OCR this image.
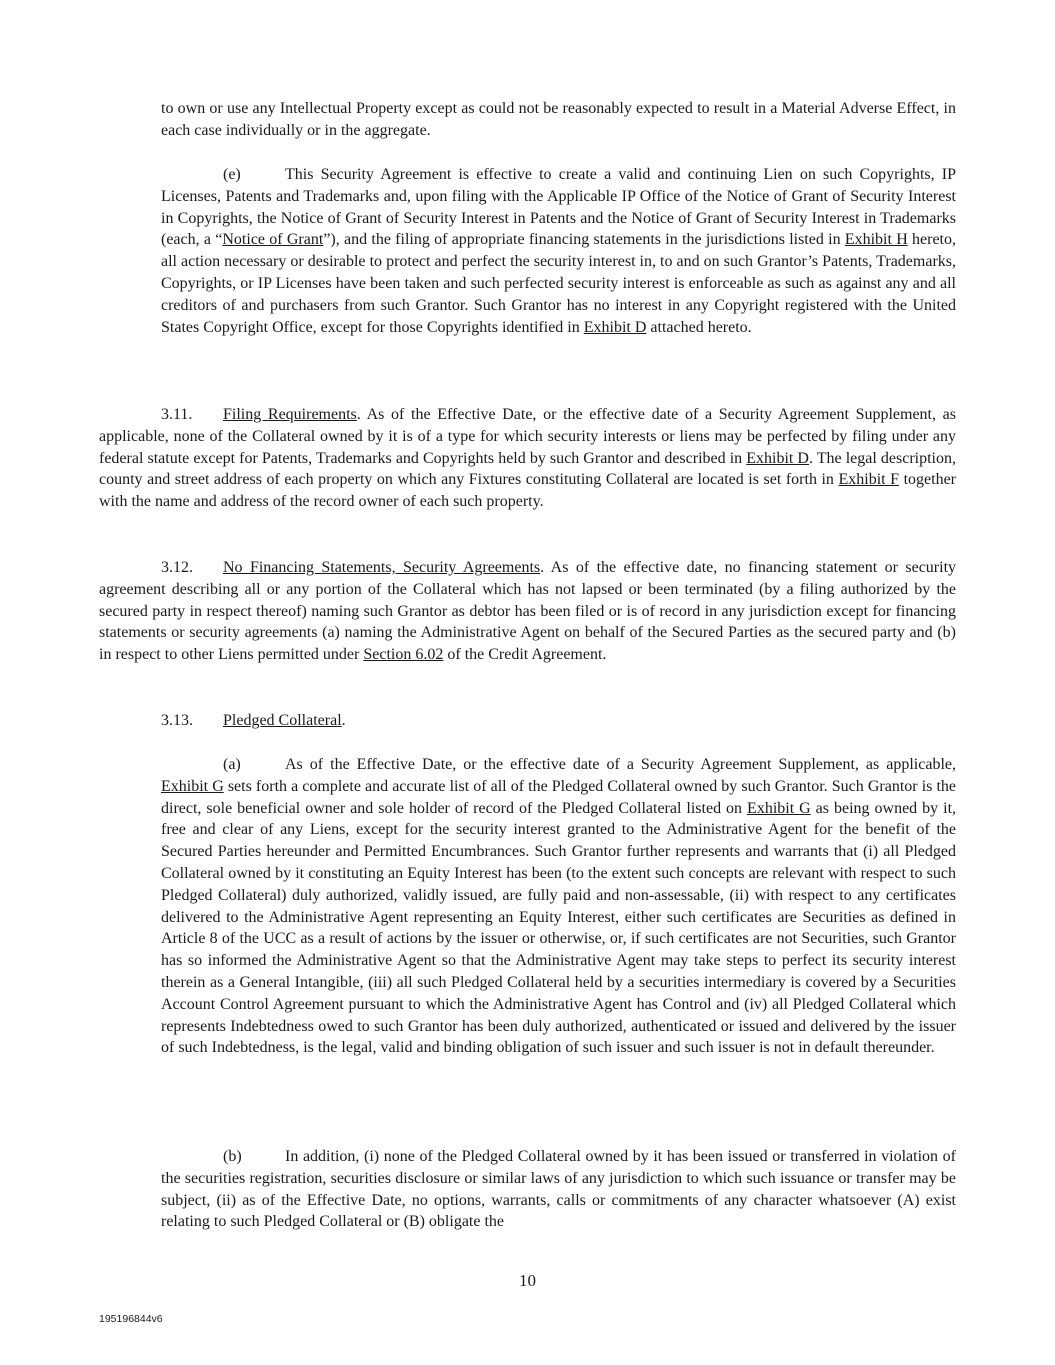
to own or use any Intellectual Property except as could not be reasonably expected to result in a Material Adverse Effect, in each case individually or in the aggregate.

(e)	This Security Agreement is effective to create a valid and continuing Lien on such Copyrights, IP Licenses, Patents and Trademarks and, upon filing with the Applicable IP Office of the Notice of Grant of Security Interest in Copyrights, the Notice of Grant of Security Interest in Patents and the Notice of Grant of Security Interest in Trademarks (each, a “Notice of Grant”), and the filing of appropriate financing statements in the jurisdictions listed in Exhibit H hereto, all action necessary or desirable to protect and perfect the security interest in, to and on such Grantor’s Patents, Trademarks, Copyrights, or IP Licenses have been taken and such perfected security interest is enforceable as such as against any and all creditors of and purchasers from such Grantor. Such Grantor has no interest in any Copyright registered with the United States Copyright Office, except for those Copyrights identified in Exhibit D attached hereto.

3.11. Filing Requirements. As of the Effective Date, or the effective date of a Security Agreement Supplement, as applicable, none of the Collateral owned by it is of a type for which security interests or liens may be perfected by filing under any federal statute except for Patents, Trademarks and Copyrights held by such Grantor and described in Exhibit D. The legal description, county and street address of each property on which any Fixtures constituting Collateral are located is set forth in Exhibit F together with the name and address of the record owner of each such property.

3.12. No Financing Statements, Security Agreements. As of the effective date, no financing statement or security agreement describing all or any portion of the Collateral which has not lapsed or been terminated (by a filing authorized by the secured party in respect thereof) naming such Grantor as debtor has been filed or is of record in any jurisdiction except for financing statements or security agreements (a) naming the Administrative Agent on behalf of the Secured Parties as the secured party and (b) in respect to other Liens permitted under Section 6.02 of the Credit Agreement.

3.13. Pledged Collateral.

(a)	As of the Effective Date, or the effective date of a Security Agreement Supplement, as applicable, Exhibit G sets forth a complete and accurate list of all of the Pledged Collateral owned by such Grantor. Such Grantor is the direct, sole beneficial owner and sole holder of record of the Pledged Collateral listed on Exhibit G as being owned by it, free and clear of any Liens, except for the security interest granted to the Administrative Agent for the benefit of the Secured Parties hereunder and Permitted Encumbrances. Such Grantor further represents and warrants that (i) all Pledged Collateral owned by it constituting an Equity Interest has been (to the extent such concepts are relevant with respect to such Pledged Collateral) duly authorized, validly issued, are fully paid and non-assessable, (ii) with respect to any certificates delivered to the Administrative Agent representing an Equity Interest, either such certificates are Securities as defined in Article 8 of the UCC as a result of actions by the issuer or otherwise, or, if such certificates are not Securities, such Grantor has so informed the Administrative Agent so that the Administrative Agent may take steps to perfect its security interest therein as a General Intangible, (iii) all such Pledged Collateral held by a securities intermediary is covered by a Securities Account Control Agreement pursuant to which the Administrative Agent has Control and (iv) all Pledged Collateral which represents Indebtedness owed to such Grantor has been duly authorized, authenticated or issued and delivered by the issuer of such Indebtedness, is the legal, valid and binding obligation of such issuer and such issuer is not in default thereunder.

(b)	In addition, (i) none of the Pledged Collateral owned by it has been issued or transferred in violation of the securities registration, securities disclosure or similar laws of any jurisdiction to which such issuance or transfer may be subject, (ii) as of the Effective Date, no options, warrants, calls or commitments of any character whatsoever (A) exist relating to such Pledged Collateral or (B) obligate the

10
195196844v6
